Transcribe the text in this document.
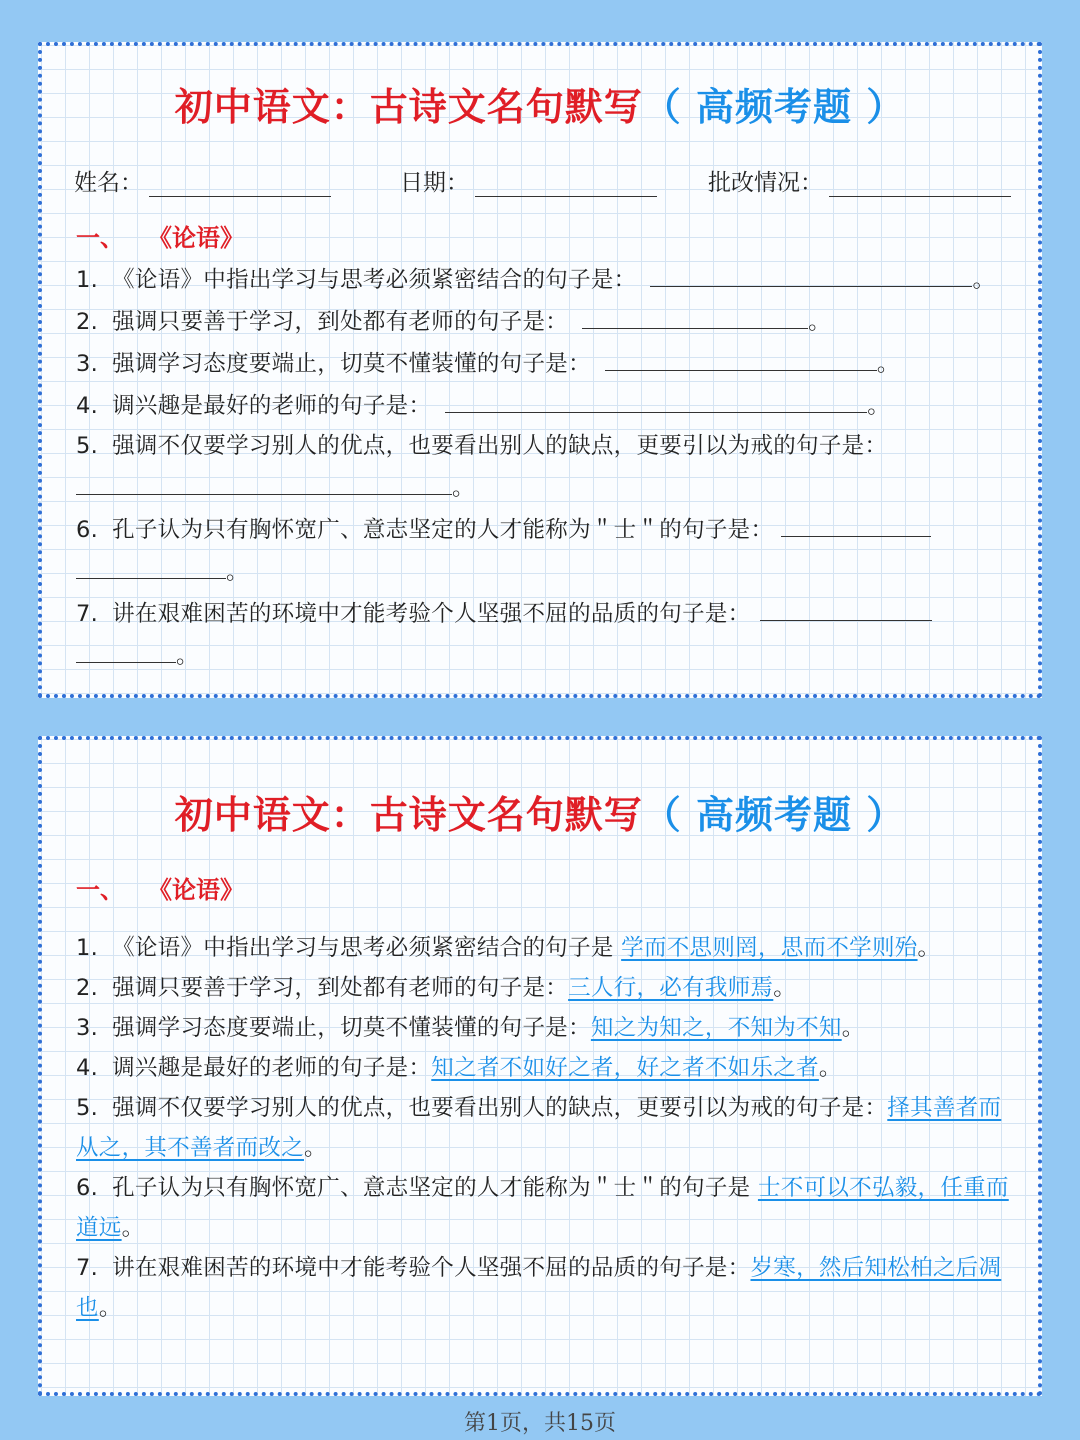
初中语文：古诗文名句默写（ 高频考题 ）
姓名：	日期：	批改情况：
一、 《论语》
1. 《论语》中指出学习与思考必须紧密结合的句子是：	。
2. 强调只要善于学习，到处都有老师的句子是：	。
3. 强调学习态度要端止，切莫不懂装懂的句子是：	。
4. 调兴趣是最好的老师的句子是：	。
5. 强调不仅要学习别人的优点，也要看出别人的缺点，更要引以为戒的句子是：
。
6. 孔子认为只有胸怀宽广、意志坚定的人才能称为＂士＂的句子是：
。
7. 讲在艰难困苦的环境中才能考验个人坚强不屈的品质的句子是：
。
初中语文：古诗文名句默写（ 高频考题 ）
一、 《论语》
1. 《论语》中指出学习与思考必须紧密结合的句子是 学而不思则罔，思而不学则殆。
2. 强调只要善于学习，到处都有老师的句子是：三人行，必有我师焉。
3. 强调学习态度要端止，切莫不懂装懂的句子是：知之为知之，不知为不知。
4. 调兴趣是最好的老师的句子是：知之者不如好之者，好之者不如乐之者。
5. 强调不仅要学习别人的优点，也要看出别人的缺点，更要引以为戒的句子是：择其善者而从之，其不善者而改之。
6. 孔子认为只有胸怀宽广、意志坚定的人才能称为＂士＂的句子是 士不可以不弘毅，任重而道远。
7. 讲在艰难困苦的环境中才能考验个人坚强不屈的品质的句子是：岁寒，然后知松柏之后凋也。
第1页，共15页
